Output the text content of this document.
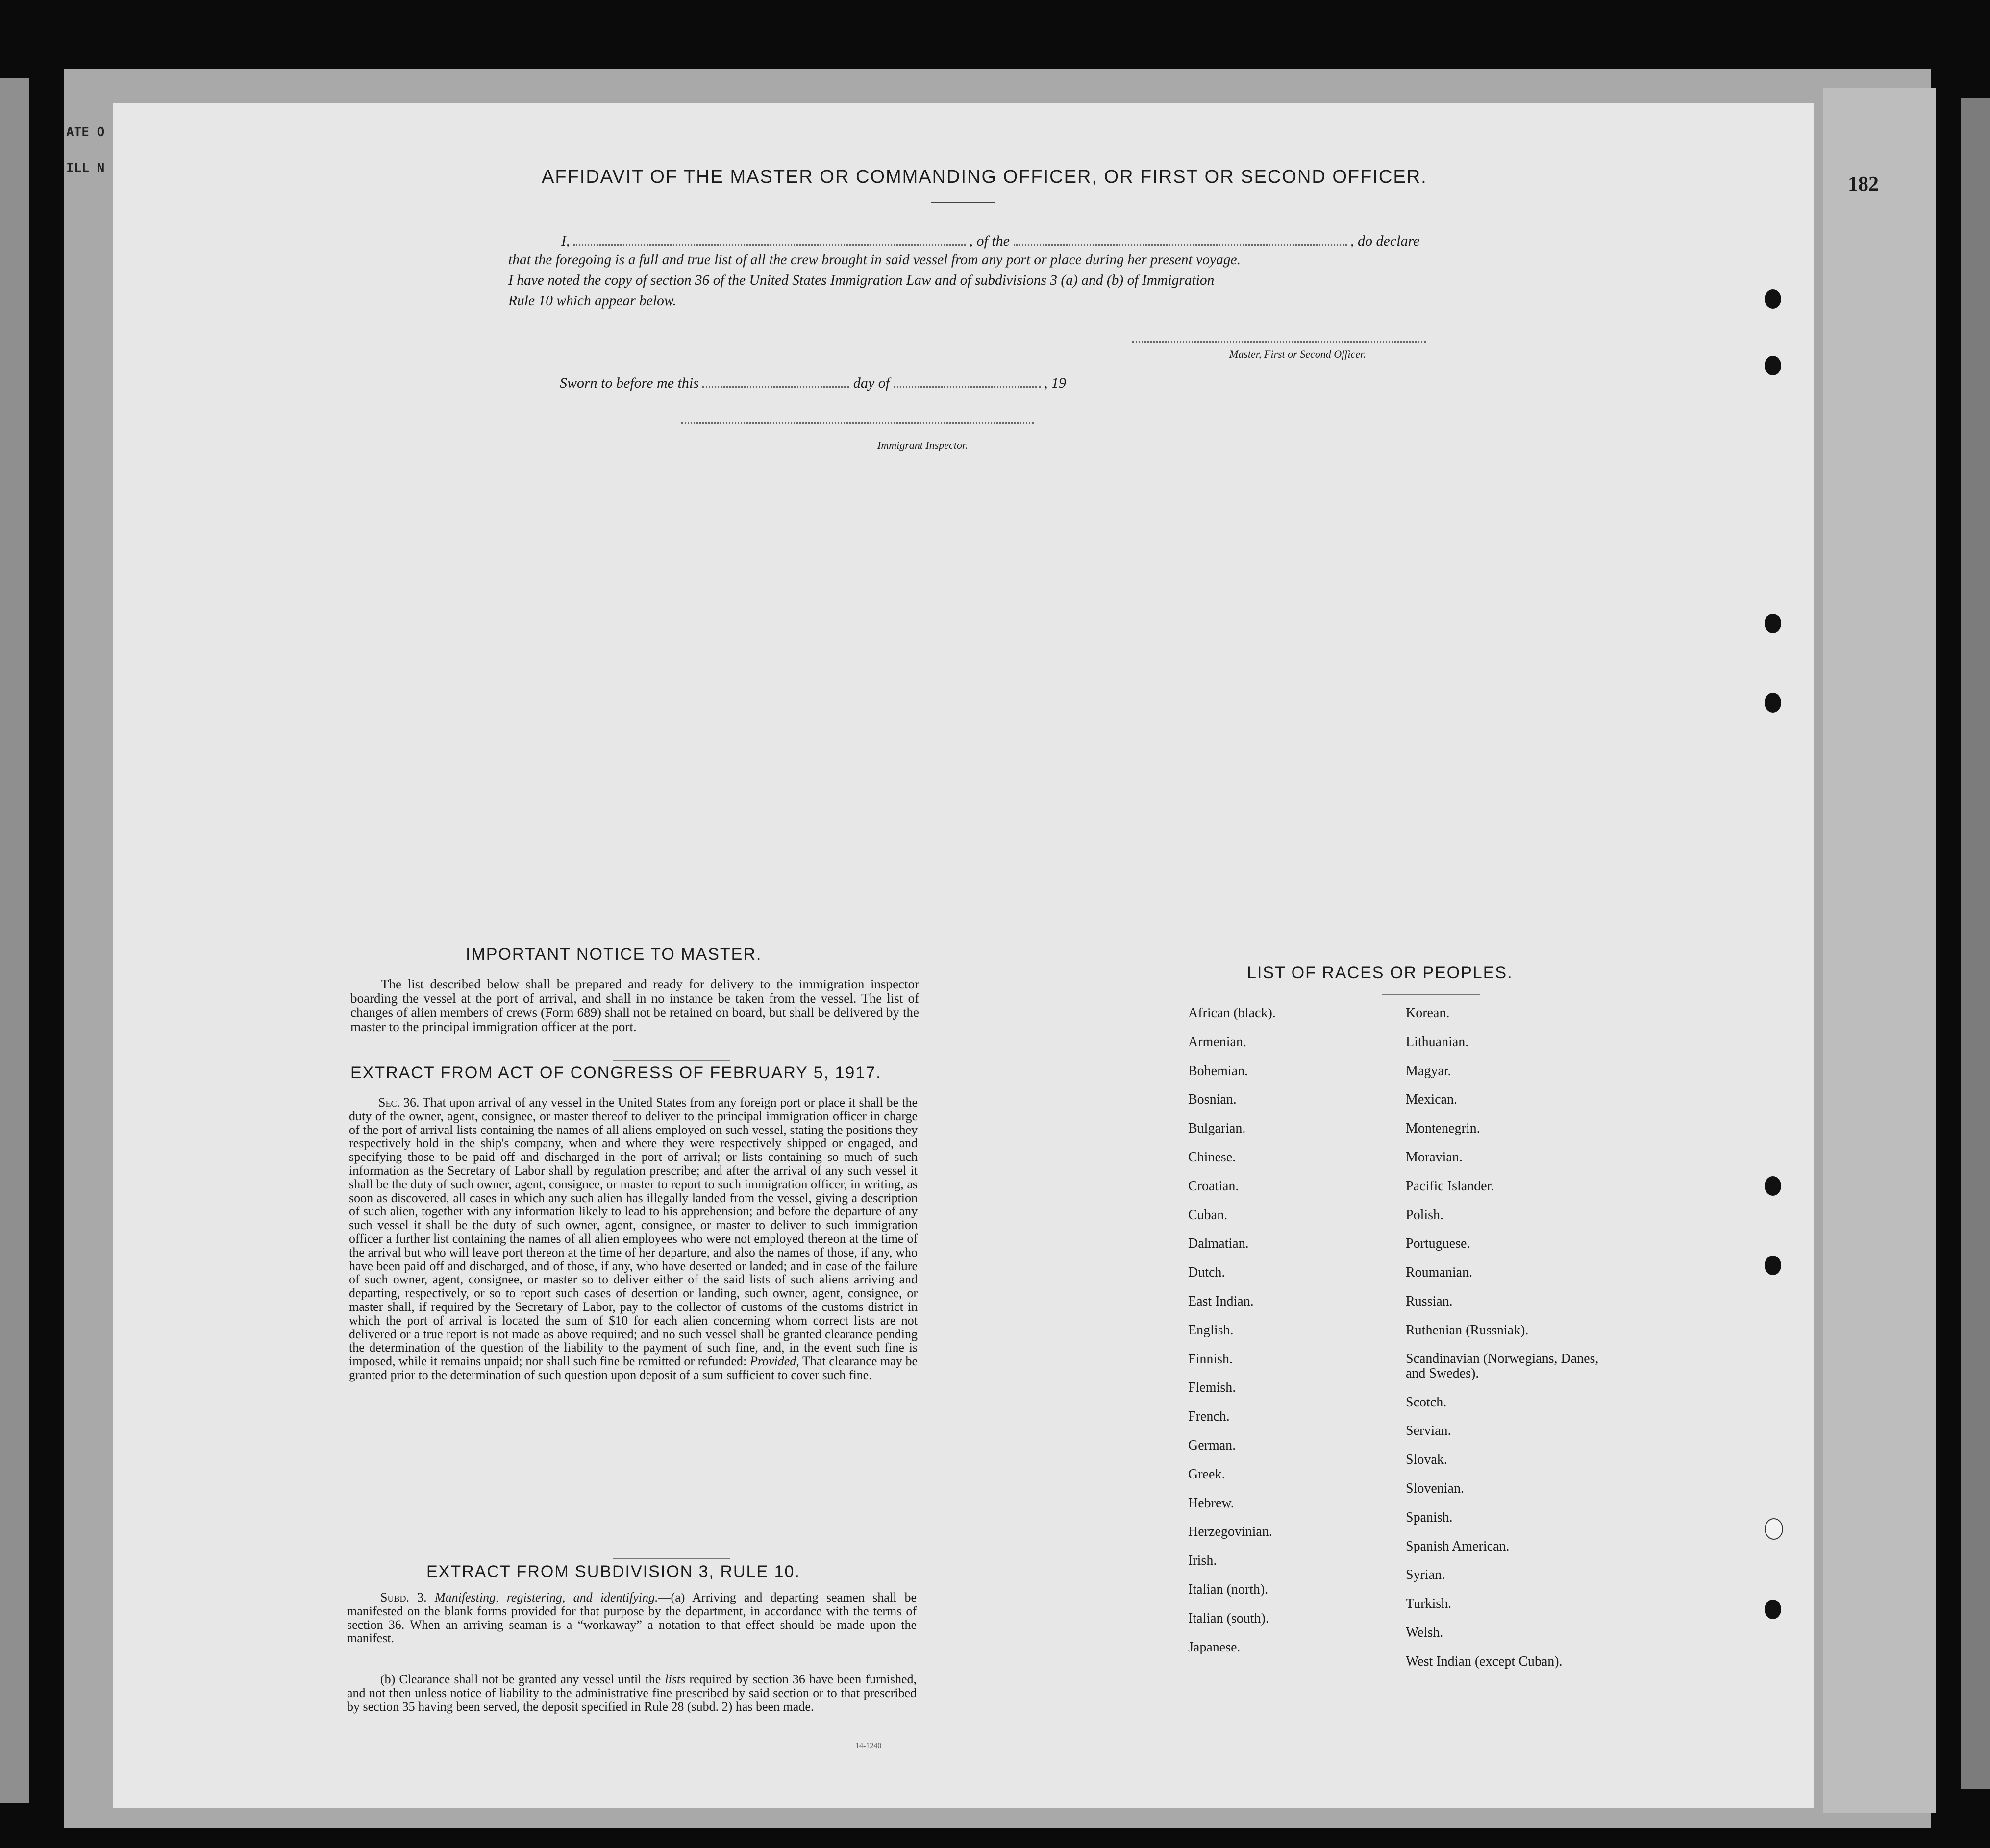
ATE O
ILL N
182
AFFIDAVIT OF THE MASTER OR COMMANDING OFFICER, OR FIRST OR SECOND OFFICER.
I,	, of the	, do declare
that the foregoing is a full and true list of all the crew brought in said vessel from any port or place during her present voyage.
I have noted the copy of section 36 of the United States Immigration Law and of subdivisions 3 (a) and (b) of Immigration
Rule 10 which appear below.
Master, First or Second Officer.
Sworn to before me this	day of	, 19
Immigrant Inspector.
IMPORTANT NOTICE TO MASTER.
The list described below shall be prepared and ready for delivery to the immigration inspector boarding the vessel at the port of arrival, and shall in no instance be taken from the vessel. The list of changes of alien members of crews (Form 689) shall not be retained on board, but shall be delivered by the master to the principal immigration officer at the port.
EXTRACT FROM ACT OF CONGRESS OF FEBRUARY 5, 1917.
Sec. 36. That upon arrival of any vessel in the United States from any foreign port or place it shall be the duty of the owner, agent, consignee, or master thereof to deliver to the principal immigration officer in charge of the port of arrival lists containing the names of all aliens employed on such vessel, stating the positions they respectively hold in the ship's company, when and where they were respectively shipped or engaged, and specifying those to be paid off and discharged in the port of arrival; or lists containing so much of such information as the Secretary of Labor shall by regulation prescribe; and after the arrival of any such vessel it shall be the duty of such owner, agent, consignee, or master to report to such immigration officer, in writing, as soon as discovered, all cases in which any such alien has illegally landed from the vessel, giving a description of such alien, together with any information likely to lead to his apprehension; and before the departure of any such vessel it shall be the duty of such owner, agent, consignee, or master to deliver to such immigration officer a further list containing the names of all alien employees who were not employed thereon at the time of the arrival but who will leave port thereon at the time of her departure, and also the names of those, if any, who have been paid off and discharged, and of those, if any, who have deserted or landed; and in case of the failure of such owner, agent, consignee, or master so to deliver either of the said lists of such aliens arriving and departing, respectively, or so to report such cases of desertion or landing, such owner, agent, consignee, or master shall, if required by the Secretary of Labor, pay to the collector of customs of the customs district in which the port of arrival is located the sum of $10 for each alien concerning whom correct lists are not delivered or a true report is not made as above required; and no such vessel shall be granted clearance pending the determination of the question of the liability to the payment of such fine, and, in the event such fine is imposed, while it remains unpaid; nor shall such fine be remitted or refunded: Provided, That clearance may be granted prior to the determination of such question upon deposit of a sum sufficient to cover such fine.
EXTRACT FROM SUBDIVISION 3, RULE 10.
Subd. 3. Manifesting, registering, and identifying.—(a) Arriving and departing seamen shall be manifested on the blank forms provided for that purpose by the department, in accordance with the terms of section 36. When an arriving seaman is a “workaway” a notation to that effect should be made upon the manifest.
(b) Clearance shall not be granted any vessel until the lists required by section 36 have been furnished, and not then unless notice of liability to the administrative fine prescribed by said section or to that prescribed by section 35 having been served, the deposit specified in Rule 28 (subd. 2) has been made.
14-1240
LIST OF RACES OR PEOPLES.
African (black).
Armenian.
Bohemian.
Bosnian.
Bulgarian.
Chinese.
Croatian.
Cuban.
Dalmatian.
Dutch.
East Indian.
English.
Finnish.
Flemish.
French.
German.
Greek.
Hebrew.
Herzegovinian.
Irish.
Italian (north).
Italian (south).
Japanese.
Korean.
Lithuanian.
Magyar.
Mexican.
Montenegrin.
Moravian.
Pacific Islander.
Polish.
Portuguese.
Roumanian.
Russian.
Ruthenian (Russniak).
Scandinavian (Norwegians, Danes, and Swedes).
Scotch.
Servian.
Slovak.
Slovenian.
Spanish.
Spanish American.
Syrian.
Turkish.
Welsh.
West Indian (except Cuban).
